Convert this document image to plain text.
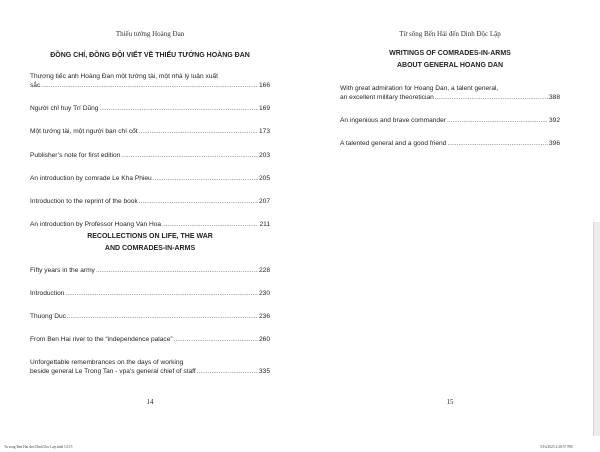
Thiếu tướng Hoàng Đan
ĐỒNG CHÍ, ĐỒNG ĐỘI VIẾT VỀ THIẾU TƯỚNG HOÀNG ĐAN
Thương tiếc anh Hoàng Đan một tướng tài, một nhà lý luận xuất
sắc .....	166
Người chỉ huy Trí Dũng .....	169
Một tướng tài, một người bạn chí cốt .....	173
Publisher’s note for first edition .....	203
An introduction by comrade Le Kha Phieu .....	205
Introduction to the reprint of the book .....	207
An introduction by Professor Hoang Van Hoa .....	211
RECOLLECTIONS ON LIFE, THE WAR
AND COMRADES-IN-ARMS
Fifty years in the army .....	228
Introduction .....	230
Thuong Duc .....	236
From Ben Hai river to the “independence palace” .....	260
Unforgettable remembrances on the days of working
beside general Le Trong Tan - vpa’s general chief of staff .....	335
14
Từ sông Bến Hải đến Dinh Độc Lập
WRITINGS OF COMRADES-IN-ARMS
ABOUT GENERAL HOANG DAN
With great admiration for Hoang Dan, a talent general,
an excellent military theoretician .....	388
An ingenious and brave commander .....	392
A talented general and a good friend .....	396
15
Tu song Ben Hai den Dinh Doc Lap.indd 14-15	5/16/2025 2:28:57 PM
